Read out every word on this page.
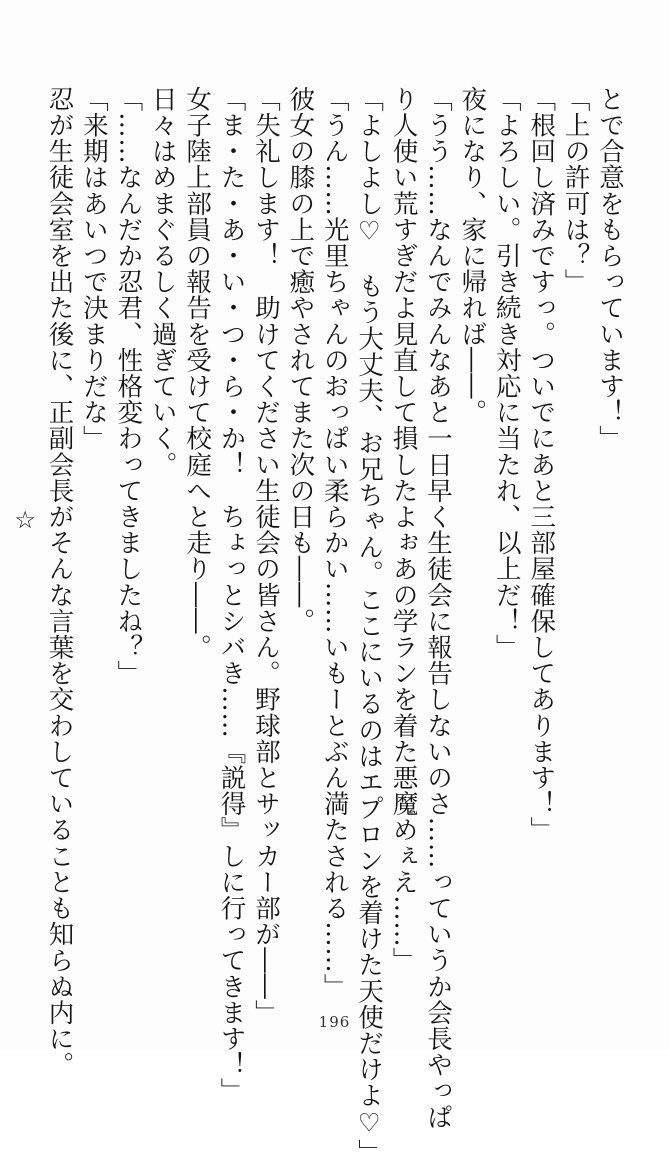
とで合意をもらっています！」
「上の許可は？」
「根回し済みですっ。ついでにあと三部屋確保してあります！」
「よろしい。引き続き対応に当たれ、以上だ！」
夜になり、家に帰れば――。
「うう……なんでみんなあと一日早く生徒会に報告しないのさ……っていうか会長やっぱ
り人使い荒すぎだよ見直して損したよぉあの学ランを着た悪魔めぇえ……」
「よしよし♡　もう大丈夫、お兄ちゃん。ここにいるのはエプロンを着けた天使だけよ♡」
「うん……光里ちゃんのおっぱい柔らかい……いもーとぶん満たされる……」
彼女の膝の上で癒やされてまた次の日も――。
「失礼します！　助けてください生徒会の皆さん。野球部とサッカー部が――」
「ま・た・あ・い・つ・ら・か！　ちょっとシバき……『説得』しに行ってきます！」
女子陸上部員の報告を受けて校庭へと走り――。
日々はめまぐるしく過ぎていく。
「……なんだか忍君、性格変わってきましたね？」
「来期はあいつで決まりだな」
忍が生徒会室を出た後に、正副会長がそんな言葉を交わしていることも知らぬ内に。
☆
196
